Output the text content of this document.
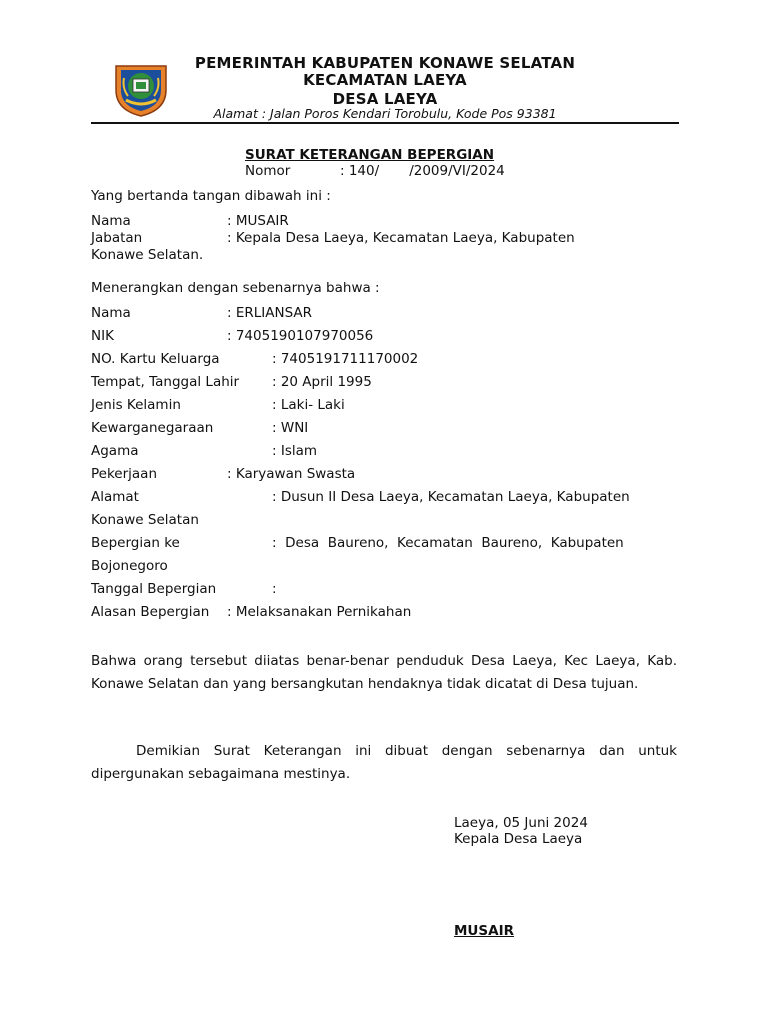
PEMERINTAH KABUPATEN KONAWE SELATAN
KECAMATAN LAEYA
DESA LAEYA
Alamat : Jalan Poros Kendari Torobulu, Kode Pos 93381
SURAT KETERANGAN BEPERGIAN
Nomor	: 140/       /2009/VI/2024
Yang bertanda tangan dibawah ini :
Nama	: MUSAIR
Jabatan	: Kepala Desa Laeya, Kecamatan Laeya, Kabupaten
Konawe Selatan.
Menerangkan dengan sebenarnya bahwa :
Nama	: ERLIANSAR
NIK	: 7405190107970056
NO. Kartu Keluarga	: 7405191711170002
Tempat, Tanggal Lahir : 20 April 1995
Jenis Kelamin	: Laki- Laki
Kewarganegaraan	: WNI
Agama	: Islam
Pekerjaan	: Karyawan Swasta
Alamat	: Dusun II Desa Laeya, Kecamatan Laeya, Kabupaten
Konawe Selatan
Bepergian ke	:  Desa  Baureno,  Kecamatan  Baureno,  Kabupaten
Bojonegoro
Tanggal Bepergian	:
Alasan Bepergian : Melaksanakan Pernikahan
Bahwa orang tersebut diiatas benar-benar penduduk Desa Laeya, Kec Laeya, Kab. Konawe Selatan dan yang bersangkutan hendaknya tidak dicatat di Desa tujuan.
Demikian Surat Keterangan ini dibuat dengan sebenarnya dan untuk dipergunakan sebagaimana mestinya.
Laeya, 05 Juni 2024
Kepala Desa Laeya
MUSAIR
